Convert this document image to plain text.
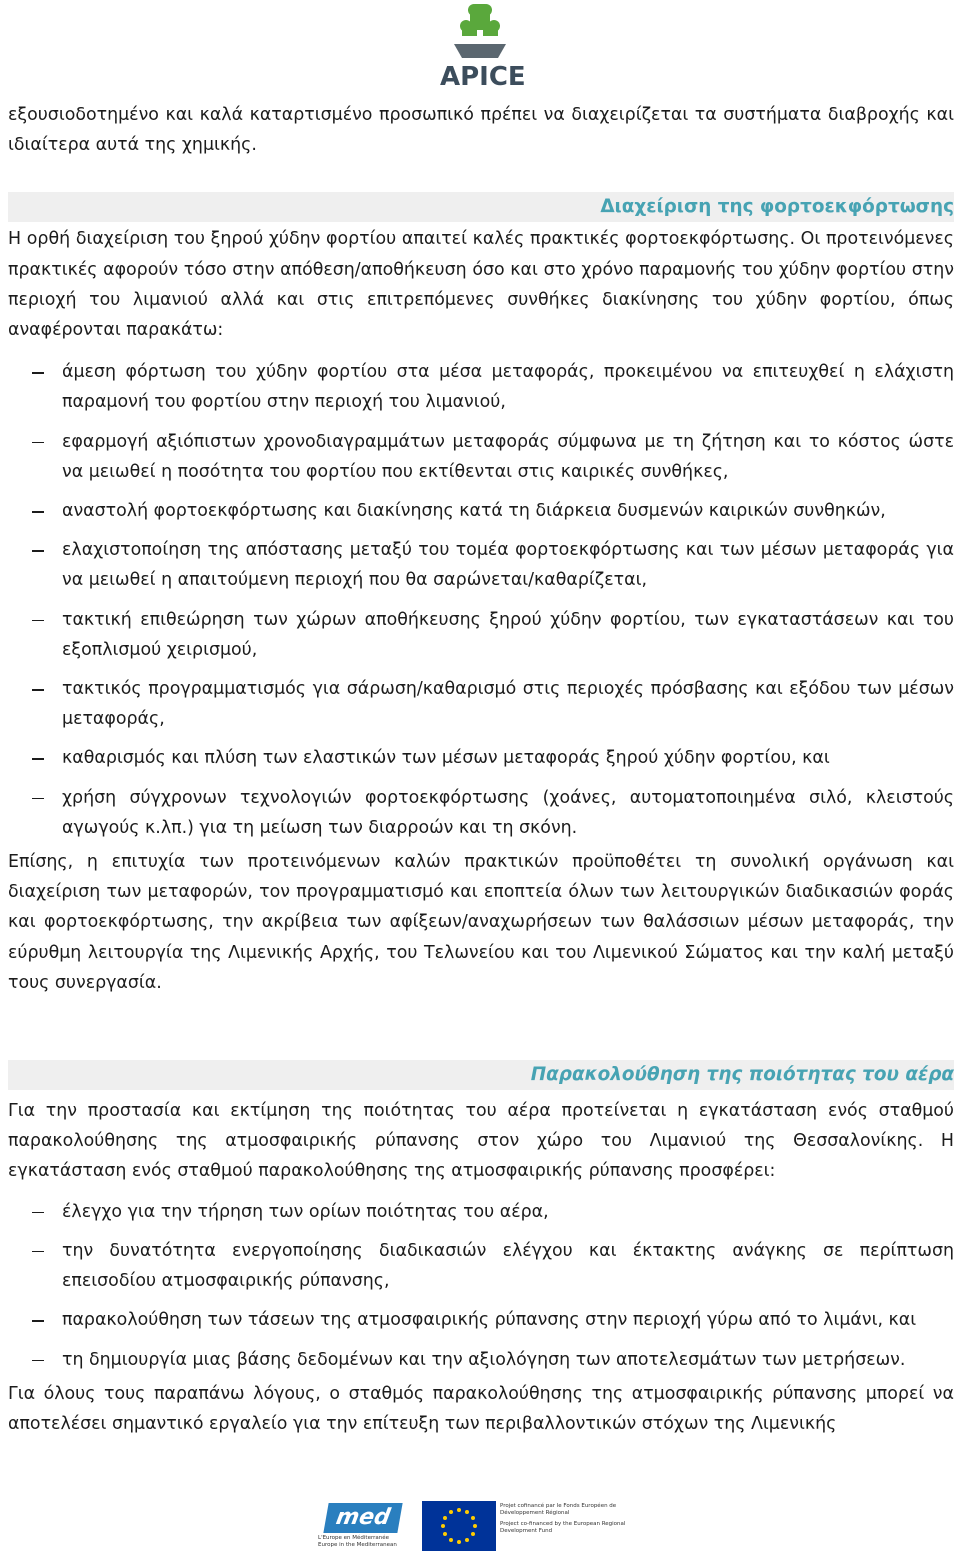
APICE

εξουσιοδοτημένο και καλά καταρτισμένο προσωπικό πρέπει να διαχειρίζεται τα συστήματα διαβροχής και ιδιαίτερα αυτά της χημικής.

Διαχείριση της φορτοεκφόρτωσης

Η ορθή διαχείριση του ξηρού χύδην φορτίου απαιτεί καλές πρακτικές φορτοεκφόρτωσης. Οι προτεινόμενες πρακτικές αφορούν τόσο στην απόθεση/αποθήκευση όσο και στο χρόνο παραμονής του χύδην φορτίου στην περιοχή του λιμανιού αλλά και στις επιτρεπόμενες συνθήκες διακίνησης του χύδην φορτίου, όπως αναφέρονται παρακάτω:

άμεση φόρτωση του χύδην φορτίου στα μέσα μεταφοράς, προκειμένου να επιτευχθεί η ελάχιστη παραμονή του φορτίου στην περιοχή του λιμανιού,
εφαρμογή αξιόπιστων χρονοδιαγραμμάτων μεταφοράς σύμφωνα με τη ζήτηση και το κόστος ώστε να μειωθεί η ποσότητα του φορτίου που εκτίθενται στις καιρικές συνθήκες,
αναστολή φορτοεκφόρτωσης και διακίνησης κατά τη διάρκεια δυσμενών καιρικών συνθηκών,
ελαχιστοποίηση της απόστασης μεταξύ του τομέα φορτοεκφόρτωσης και των μέσων μεταφοράς για να μειωθεί η απαιτούμενη περιοχή που θα σαρώνεται/καθαρίζεται,
τακτική επιθεώρηση των χώρων αποθήκευσης ξηρού χύδην φορτίου, των εγκαταστάσεων και του εξοπλισμού χειρισμού,
τακτικός προγραμματισμός για σάρωση/καθαρισμό στις περιοχές πρόσβασης και εξόδου των μέσων μεταφοράς,
καθαρισμός και πλύση των ελαστικών των μέσων μεταφοράς ξηρού χύδην φορτίου, και
χρήση σύγχρονων τεχνολογιών φορτοεκφόρτωσης (χοάνες, αυτοματοποιημένα σιλό, κλειστούς αγωγούς κ.λπ.) για τη μείωση των διαρροών και τη σκόνη.

Επίσης, η επιτυχία των προτεινόμενων καλών πρακτικών προϋποθέτει τη συνολική οργάνωση και διαχείριση των μεταφορών, τον προγραμματισμό και εποπτεία όλων των λειτουργικών διαδικασιών φοράς και φορτοεκφόρτωσης, την ακρίβεια των αφίξεων/αναχωρήσεων των θαλάσσιων μέσων μεταφοράς, την εύρυθμη λειτουργία της Λιμενικής Αρχής, του Τελωνείου και του Λιμενικού Σώματος και την καλή μεταξύ τους συνεργασία.

Παρακολούθηση της ποιότητας του αέρα

Για την προστασία και εκτίμηση της ποιότητας του αέρα προτείνεται η εγκατάσταση ενός σταθμού παρακολούθησης της ατμοσφαιρικής ρύπανσης στον χώρο του Λιμανιού της Θεσσαλονίκης. Η εγκατάσταση ενός σταθμού παρακολούθησης της ατμοσφαιρικής ρύπανσης προσφέρει:

έλεγχο για την τήρηση των ορίων ποιότητας του αέρα,
την δυνατότητα ενεργοποίησης διαδικασιών ελέγχου και έκτακτης ανάγκης σε περίπτωση επεισοδίου ατμοσφαιρικής ρύπανσης,
παρακολούθηση των τάσεων της ατμοσφαιρικής ρύπανσης στην περιοχή γύρω από το λιμάνι, και
τη δημιουργία μιας βάσης δεδομένων και την αξιολόγηση των αποτελεσμάτων των μετρήσεων.

Για όλους τους παραπάνω λόγους, ο σταθμός παρακολούθησης της ατμοσφαιρικής ρύπανσης μπορεί να αποτελέσει σημαντικό εργαλείο για την επίτευξη των περιβαλλοντικών στόχων της Λιμενικής

med
L'Europe en Méditerranée
Europe in the Mediterranean
Projet cofinancé par le Fonds Européen de Développement Régional
Project co-financed by the European Regional Development Fund
